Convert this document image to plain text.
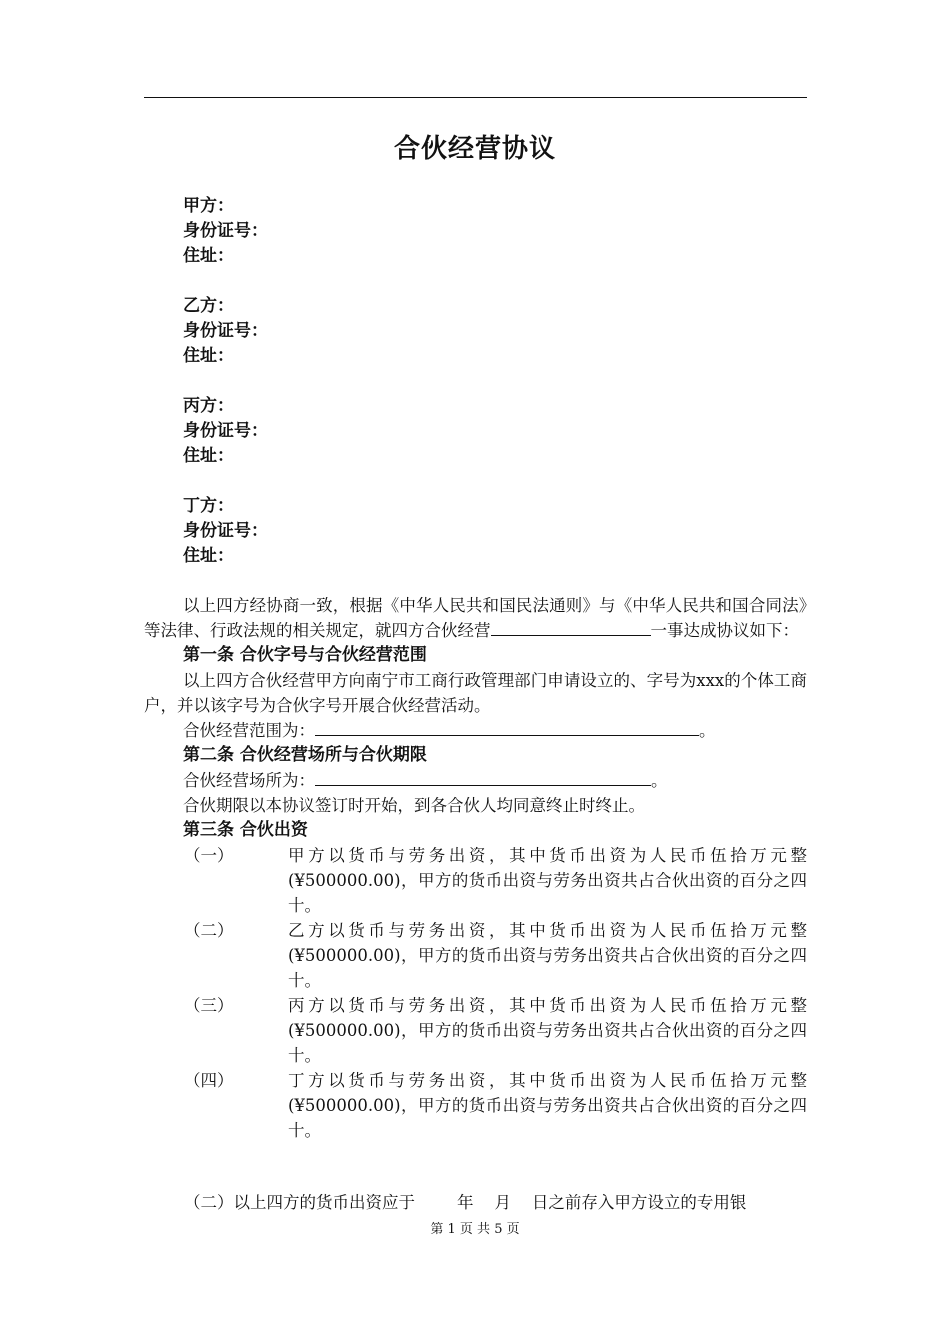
合伙经营协议
甲方：
身份证号：
住址：
乙方：
身份证号：
住址：
丙方：
身份证号：
住址：
丁方：
身份证号：
住址：
以上四方经协商一致，根据《中华人民共和国民法通则》与《中华人民共和国合同法》等法律、行政法规的相关规定，就四方合伙经营	一事达成协议如下：
第一条 合伙字号与合伙经营范围
以上四方合伙经营甲方向南宁市工商行政管理部门申请设立的、字号为xxx的个体工商户，并以该字号为合伙字号开展合伙经营活动。
合伙经营范围为：	。
第二条 合伙经营场所与合伙期限
合伙经营场所为：	。
合伙期限以本协议签订时开始，到各合伙人均同意终止时终止。
第三条 合伙出资
（一）	甲方以货币与劳务出资，其中货币出资为人民币伍拾万元整(¥500000.00)，甲方的货币出资与劳务出资共占合伙出资的百分之四十。
（二）	乙方以货币与劳务出资，其中货币出资为人民币伍拾万元整(¥500000.00)，甲方的货币出资与劳务出资共占合伙出资的百分之四十。
（三）	丙方以货币与劳务出资，其中货币出资为人民币伍拾万元整(¥500000.00)，甲方的货币出资与劳务出资共占合伙出资的百分之四十。
（四）	丁方以货币与劳务出资，其中货币出资为人民币伍拾万元整(¥500000.00)，甲方的货币出资与劳务出资共占合伙出资的百分之四十。
（二）以上四方的货币出资应于        年    月    日之前存入甲方设立的专用银
第 1 页 共 5 页
